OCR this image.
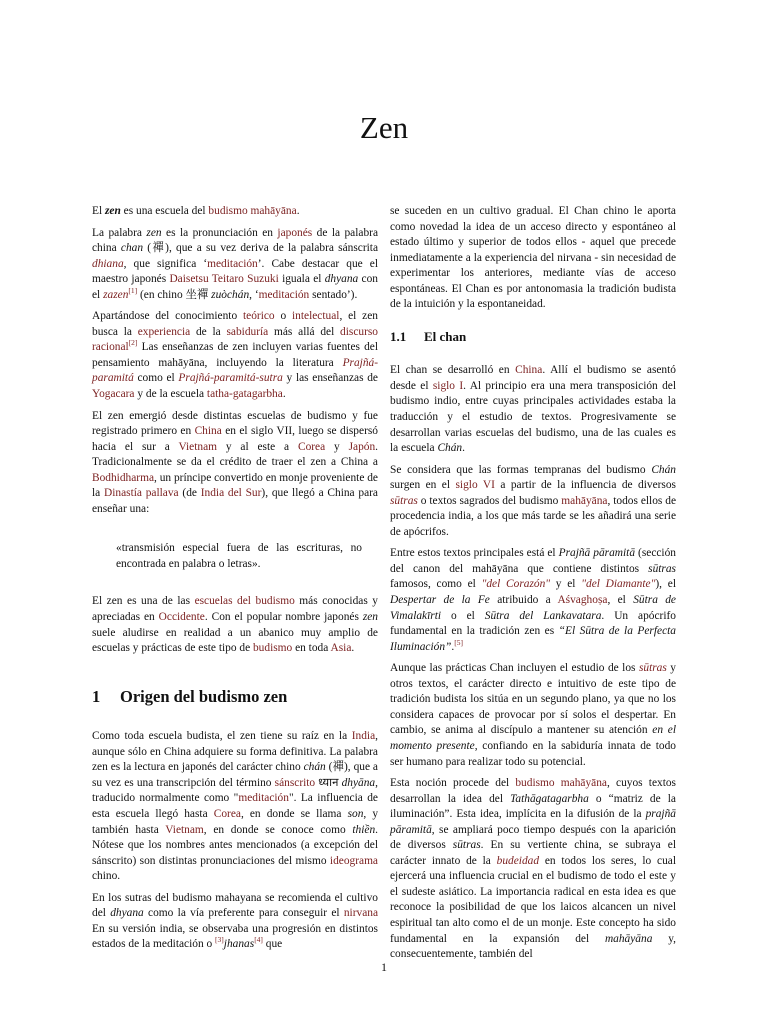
Zen

El zen es una escuela del budismo mahāyāna.

La palabra zen es la pronunciación en japonés de la palabra china chan (禪), que a su vez deriva de la palabra sánscrita dhiana, que significa ‘meditación’. Cabe destacar que el maestro japonés Daisetsu Teitaro Suzuki iguala el dhyana con el zazen[1] (en chino 坐禪 zuòchán, ‘meditación sentado’).

Apartándose del conocimiento teórico o intelectual, el zen busca la experiencia de la sabiduría más allá del discurso racional[2] Las enseñanzas de zen incluyen varias fuentes del pensamiento mahāyāna, incluyendo la literatura Prajñá-paramitá como el Prajñá-paramitá-sutra y las enseñanzas de Yogacara y de la escuela tatha-gatagarbha.

El zen emergió desde distintas escuelas de budismo y fue registrado primero en China en el siglo VII, luego se dispersó hacia el sur a Vietnam y al este a Corea y Japón. Tradicionalmente se da el crédito de traer el zen a China a Bodhidharma, un príncipe convertido en monje proveniente de la Dinastía pallava (de India del Sur), que llegó a China para enseñar una:

«transmisión especial fuera de las escrituras, no encontrada en palabra o letras».

El zen es una de las escuelas del budismo más conocidas y apreciadas en Occidente. Con el popular nombre japonés zen suele aludirse en realidad a un abanico muy amplio de escuelas y prácticas de este tipo de budismo en toda Asia.

1 Origen del budismo zen

Como toda escuela budista, el zen tiene su raíz en la India, aunque sólo en China adquiere su forma definitiva. La palabra zen es la lectura en japonés del carácter chino chán (禪), que a su vez es una transcripción del término sánscrito ध्यान dhyāna, traducido normalmente como "meditación". La influencia de esta escuela llegó hasta Corea, en donde se llama son, y también hasta Vietnam, en donde se conoce como thiền. Nótese que los nombres antes mencionados (a excepción del sánscrito) son distintas pronunciaciones del mismo ideograma chino.

En los sutras del budismo mahayana se recomienda el cultivo del dhyana como la vía preferente para conseguir el nirvana En su versión india, se observaba una progresión en distintos estados de la meditación o [3]jhanas[4] que

se suceden en un cultivo gradual. El Chan chino le aporta como novedad la idea de un acceso directo y espontáneo al estado último y superior de todos ellos - aquel que precede inmediatamente a la experiencia del nirvana - sin necesidad de experimentar los anteriores, mediante vías de acceso espontáneas. El Chan es por antonomasia la tradición budista de la intuición y la espontaneidad.

1.1 El chan

El chan se desarrolló en China. Allí el budismo se asentó desde el siglo I. Al principio era una mera transposición del budismo indio, entre cuyas principales actividades estaba la traducción y el estudio de textos. Progresivamente se desarrollan varias escuelas del budismo, una de las cuales es la escuela Chán.

Se considera que las formas tempranas del budismo Chán surgen en el siglo VI a partir de la influencia de diversos sūtras o textos sagrados del budismo mahāyāna, todos ellos de procedencia india, a los que más tarde se les añadirá una serie de apócrifos.

Entre estos textos principales está el Prajñā pāramitā (sección del canon del mahāyāna que contiene distintos sūtras famosos, como el "del Corazón" y el "del Diamante"), el Despertar de la Fe atribuido a Aśvaghoṣa, el Sūtra de Vimalakīrti o el Sūtra del Lankavatara. Un apócrifo fundamental en la tradición zen es “El Sūtra de la Perfecta Iluminación”.[5]

Aunque las prácticas Chan incluyen el estudio de los sūtras y otros textos, el carácter directo e intuitivo de este tipo de tradición budista los sitúa en un segundo plano, ya que no los considera capaces de provocar por sí solos el despertar. En cambio, se anima al discípulo a mantener su atención en el momento presente, confiando en la sabiduría innata de todo ser humano para realizar todo su potencial.

Esta noción procede del budismo mahāyāna, cuyos textos desarrollan la idea del Tathāgatagarbha o “matriz de la iluminación”. Esta idea, implícita en la difusión de la prajñā pāramitā, se ampliará poco tiempo después con la aparición de diversos sūtras. En su vertiente china, se subraya el carácter innato de la budeidad en todos los seres, lo cual ejercerá una influencia crucial en el budismo de todo el este y el sudeste asiático. La importancia radical en esta idea es que reconoce la posibilidad de que los laicos alcancen un nivel espiritual tan alto como el de un monje. Este concepto ha sido fundamental en la expansión del mahāyāna y, consecuentemente, también del

1
